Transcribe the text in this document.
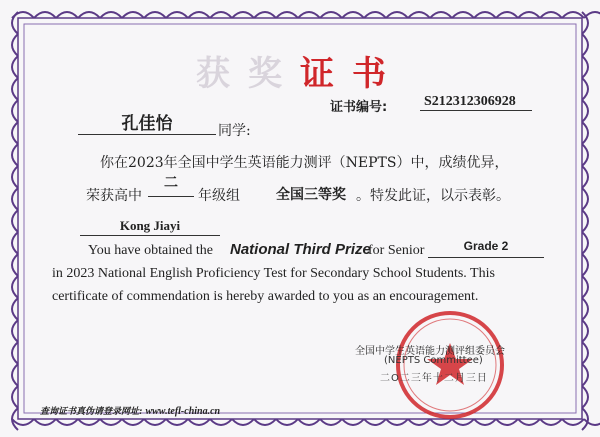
获奖证书
证书编号:	S212312306928
孔佳怡	同学:
你在2023年全国中学生英语能力测评（NEPTS）中，成绩优异，
荣获高中
二
年级组	全国三等奖 。特发此证，以示表彰。
Kong Jiayi
You have obtained the National Third Prize
for Senior	Grade 2
in 2023 National English Proficiency Test for Secondary School Students. This
certificate of commendation is hereby awarded to you as an encouragement.
全国中学生英语能力测评组委员会
(NEPTS Committee)
二O二三年十二月三日
查询证书真伪请登录网址: www.tefl-china.cn
